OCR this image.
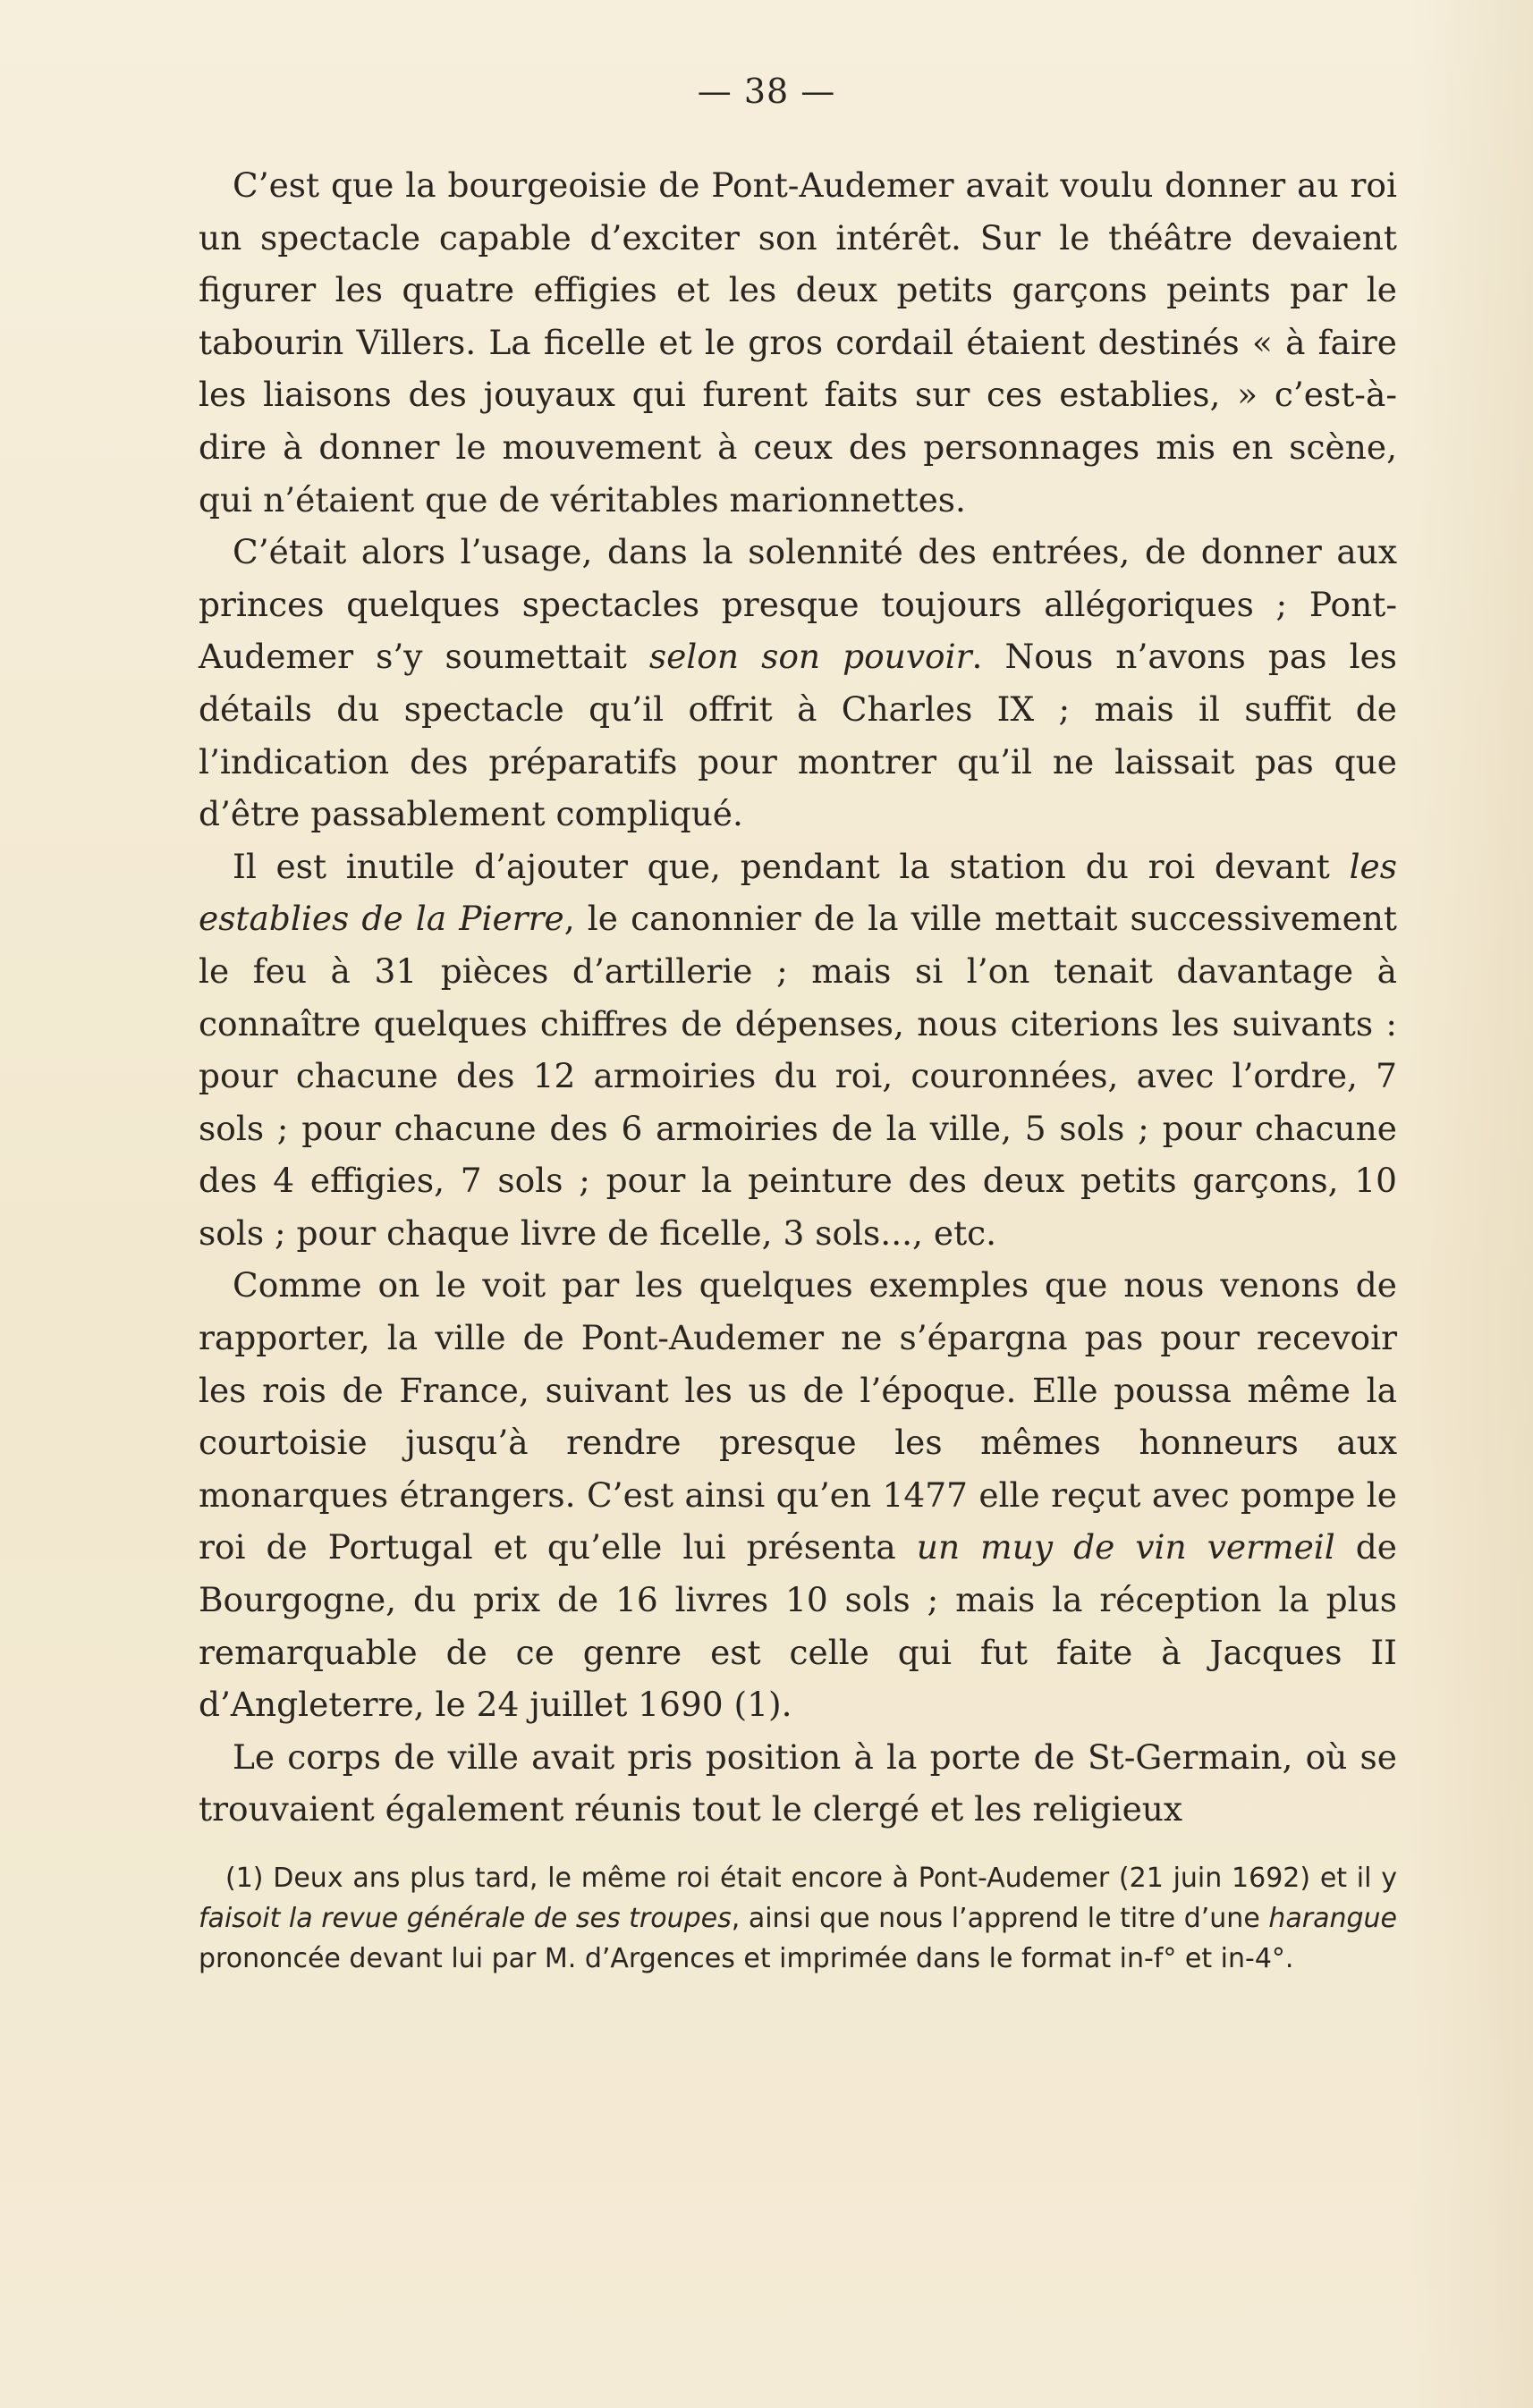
— 38 —

C’est que la bourgeoisie de Pont-Audemer avait voulu donner au roi un spectacle capable d’exciter son intérêt. Sur le théâtre devaient figurer les quatre effigies et les deux petits garçons peints par le tabourin Villers. La ficelle et le gros cordail étaient destinés « à faire les liaisons des jouyaux qui furent faits sur ces establies, » c’est-à-dire à donner le mouvement à ceux des personnages mis en scène, qui n’étaient que de véritables marionnettes.

C’était alors l’usage, dans la solennité des entrées, de donner aux princes quelques spectacles presque toujours allégoriques ; Pont-Audemer s’y soumettait selon son pouvoir. Nous n’avons pas les détails du spectacle qu’il offrit à Charles IX ; mais il suffit de l’indication des préparatifs pour montrer qu’il ne laissait pas que d’être passablement compliqué.

Il est inutile d’ajouter que, pendant la station du roi devant les establies de la Pierre, le canonnier de la ville mettait successivement le feu à 31 pièces d’artillerie ; mais si l’on tenait davantage à connaître quelques chiffres de dépenses, nous citerions les suivants : pour chacune des 12 armoiries du roi, couronnées, avec l’ordre, 7 sols ; pour chacune des 6 armoiries de la ville, 5 sols ; pour chacune des 4 effigies, 7 sols ; pour la peinture des deux petits garçons, 10 sols ; pour chaque livre de ficelle, 3 sols..., etc.

Comme on le voit par les quelques exemples que nous venons de rapporter, la ville de Pont-Audemer ne s’épargna pas pour recevoir les rois de France, suivant les us de l’époque. Elle poussa même la courtoisie jusqu’à rendre presque les mêmes honneurs aux monarques étrangers. C’est ainsi qu’en 1477 elle reçut avec pompe le roi de Portugal et qu’elle lui présenta un muy de vin vermeil de Bourgogne, du prix de 16 livres 10 sols ; mais la réception la plus remarquable de ce genre est celle qui fut faite à Jacques II d’Angleterre, le 24 juillet 1690 (1).

Le corps de ville avait pris position à la porte de St-Germain, où se trouvaient également réunis tout le clergé et les religieux

(1) Deux ans plus tard, le même roi était encore à Pont-Audemer (21 juin 1692) et il y faisoit la revue générale de ses troupes, ainsi que nous l’apprend le titre d’une harangue prononcée devant lui par M. d’Argences et imprimée dans le format in-f° et in-4°.
